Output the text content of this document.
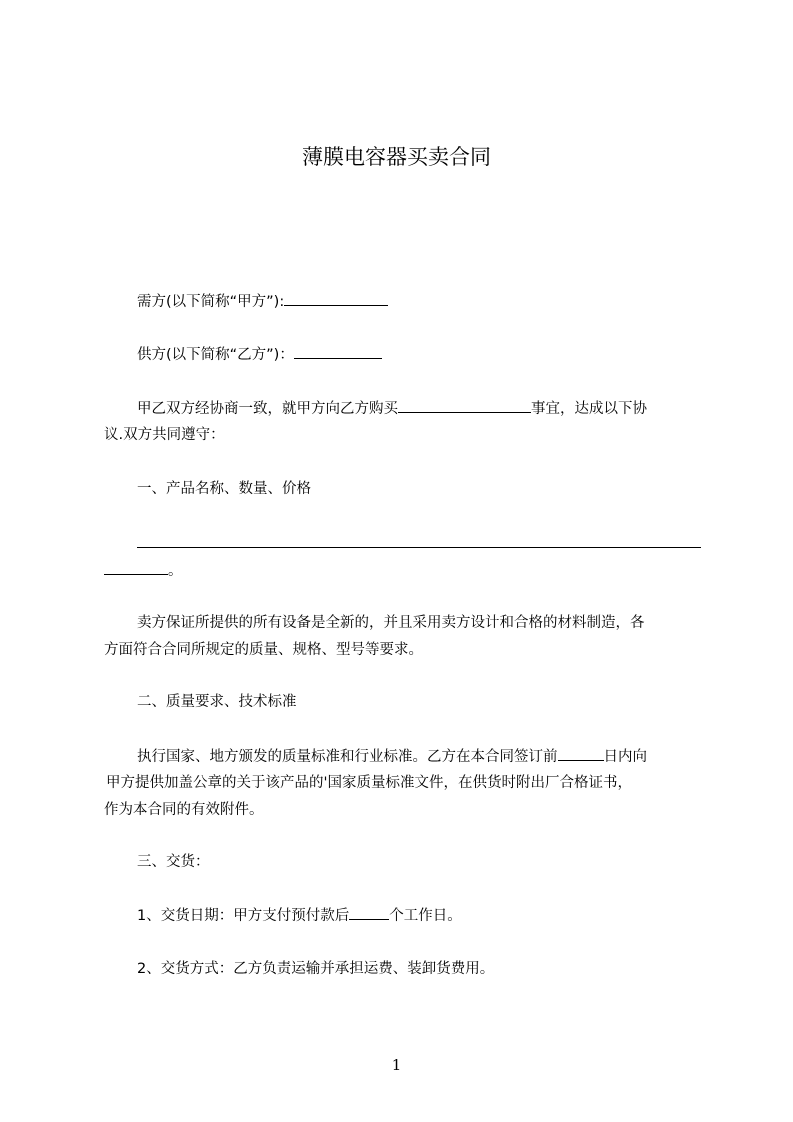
薄膜电容器买卖合同
需方(以下简称“甲方”):
供方(以下简称“乙方”)：
甲乙双方经协商一致，就甲方向乙方购买	事宜，达成以下协
议.双方共同遵守：
一、产品名称、数量、价格
。
卖方保证所提供的所有设备是全新的，并且采用卖方设计和合格的材料制造，各
方面符合合同所规定的质量、规格、型号等要求。
二、质量要求、技术标准
执行国家、地方颁发的质量标准和行业标准。乙方在本合同签订前	日内向
甲方提供加盖公章的关于该产品的'国家质量标准文件，在供货时附出厂合格证书，
作为本合同的有效附件。
三、交货：
1、交货日期：甲方支付预付款后	个工作日。
2、交货方式：乙方负责运输并承担运费、装卸货费用。
1
